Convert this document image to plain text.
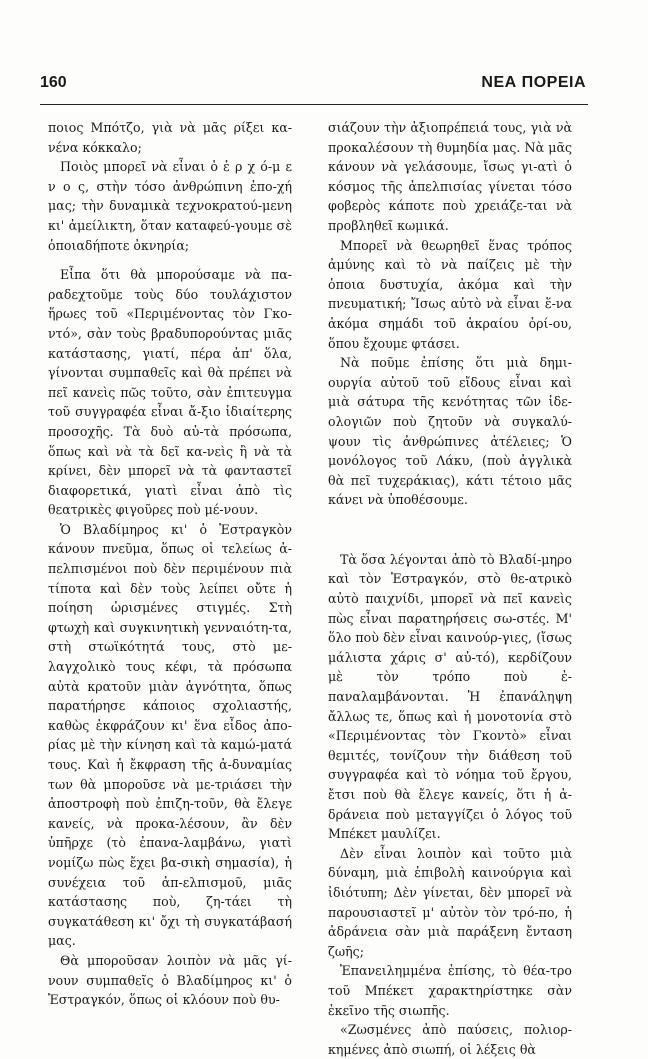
160	ΝΕΑ ΠΟΡΕΙΑ

ποιος Μπότζο, γιὰ νὰ μᾶς ρίξει κα-νένα κόκκαλο;

Ποιὸς μπορεῖ νὰ εἶναι ὁ ἐ ρ χ ό-μ ε ν ο ς, στὴν τόσο ἀνθρώπινη ἐπο-χή μας; τὴν δυναμικὰ τεχνοκρατού-μενη κι' ἀμείλικτη, ὅταν καταφεύ-γουμε σὲ ὁποιαδήποτε ὀκνηρία;

Εἶπα ὅτι θὰ μπορούσαμε νὰ πα-ραδεχτοῦμε τοὺς δύο τουλάχιστον ἥρωες τοῦ «Περιμένοντας τὸν Γκο-ντό», σὰν τοὺς βραδυπορούντας μιᾶς κατάστασης, γιατί, πέρα ἀπ' ὅλα, γίνονται συμπαθεῖς καὶ θὰ πρέπει νὰ πεῖ κανεὶς πῶς τοῦτο, σὰν ἐπιτευγμα τοῦ συγγραφέα εἶναι ἄ-ξιο ἰδιαίτερης προσοχῆς. Τὰ δυὸ αὐ-τὰ πρόσωπα, ὅπως καὶ νὰ τὰ δεῖ κα-νεὶς ἢ νὰ τὰ κρίνει, δὲν μπορεῖ νὰ τὰ φανταστεῖ διαφορετικά, γιατὶ εἶναι ἀπὸ τὶς θεατρικὲς φιγοῦρες ποὺ μέ-νουν.

Ὁ Βλαδίμηρος κι' ὁ Ἐστραγκὸν κάνουν πνεῦμα, ὅπως οἱ τελείως ἀ-πελπισμένοι ποὺ δὲν περιμένουν πιὰ τίποτα καὶ δὲν τοὺς λείπει οὔτε ἡ ποίηση ὡρισμένες στιγμές. Στὴ φτωχὴ καὶ συγκινητικὴ γενναιότη-τα, στὴ στωϊκότητά τους, στὸ με-λαγχολικὸ τους κέφι, τὰ πρόσωπα αὐτὰ κρατοῦν μιὰν ἁγνότητα, ὅπως παρατήρησε κάποιος σχολιαστής, καθὼς ἐκφράζουν κι' ἕνα εἶδος ἀπο-ρίας μὲ τὴν κίνηση καὶ τὰ καμώ-ματά τους. Καὶ ἡ ἔκφραση τῆς ἀ-δυναμίας των θὰ μποροῦσε νὰ με-τριάσει τὴν ἀποστροφὴ ποὺ ἐπιζη-τοῦν, θὰ ἔλεγε κανείς, νὰ προκα-λέσουν, ἂν δὲν ὑπῆρχε (τὸ ἐπανα-λαμβάνω, γιατὶ νομίζω πὼς ἔχει βα-σικὴ σημασία), ἡ συνέχεια τοῦ ἀπ-ελπισμοῦ, μιᾶς κατάστασης ποὺ, ζη-τάει τὴ συγκατάθεση κι' ὄχι τὴ συγκατάβασή μας.

Θὰ μποροῦσαν λοιπὸν νὰ μᾶς γί-νουν συμπαθεῖς ὁ Βλαδίμηρος κι' ὁ Ἐστραγκόν, ὅπως οἱ κλόουν ποὺ θυ-

σιάζουν τὴν ἀξιοπρέπειά τους, γιὰ νὰ προκαλέσουν τὴ θυμηδία μας. Νὰ μᾶς κάνουν νὰ γελάσουμε, ἴσως γι-ατὶ ὁ κόσμος τῆς ἀπελπισίας γίνεται τόσο φοβερὸς κάποτε ποὺ χρειάζε-ται νὰ προβληθεῖ κωμικά.

Μπορεῖ νὰ θεωρηθεῖ ἕνας τρόπος ἀμύνης καὶ τὸ νὰ παίζεις μὲ τὴν ὁποια δυστυχία, ἀκόμα καὶ τὴν πνευματική; Ἴσως αὐτὸ νὰ εἶναι ἕ-να ἀκόμα σημάδι τοῦ ἀκραίου ὁρί-ου, ὅπου ἔχουμε φτάσει.

Νὰ ποῦμε ἐπίσης ὅτι μιὰ δημι-ουργία αὐτοῦ τοῦ εἴδους εἶναι καὶ μιὰ σάτυρα τῆς κενότητας τῶν ἰδε-ολογιῶν ποὺ ζητοῦν νὰ συγκαλύ-ψουν τὶς ἀνθρώπινες ἀτέλειες; Ὁ μονόλογος τοῦ Λάκυ, (ποὺ ἀγγλικὰ θὰ πεῖ τυχεράκιας), κάτι τέτοιο μᾶς κάνει νὰ ὑποθέσουμε.

Τὰ ὅσα λέγονται ἀπὸ τὸ Βλαδί-μηρο καὶ τὸν Ἐστραγκόν, στὸ θε-ατρικὸ αὐτὸ παιχνίδι, μπορεῖ νὰ πεῖ κανεὶς πὼς εἶναι παρατηρήσεις σω-στές. Μ' ὅλο ποὺ δὲν εἶναι καινούρ-γιες, (ἴσως μάλιστα χάρις σ' αὐ-τό), κερδίζουν μὲ τὸν τρόπο ποὺ ἐ-παναλαμβάνονται. Ἡ ἐπανάληψη ἄλλως τε, ὅπως καὶ ἡ μονοτονία στὸ «Περιμένοντας τὸν Γκοντὸ» εἶναι θεμιτές, τονίζουν τὴν διάθεση τοῦ συγγραφέα καὶ τὸ νόημα τοῦ ἔργου, ἔτσι ποὺ θὰ ἔλεγε κανείς, ὅτι ἡ ἀ-δράνεια ποὺ μεταγγίζει ὁ λόγος τοῦ Μπέκετ μαυλίζει.

Δὲν εἶναι λοιπὸν καὶ τοῦτο μιὰ δύναμη, μιὰ ἐπιβολὴ καινούργια καὶ ἰδιότυπη; Δὲν γίνεται, δὲν μπορεῖ νὰ παρουσιαστεῖ μ' αὐτὸν τὸν τρό-πο, ἡ ἀδράνεια σὰν μιὰ παράξενη ἔνταση ζωῆς;

Ἐπανειλημμένα ἐπίσης, τὸ θέα-τρο τοῦ Μπέκετ χαρακτηρίστηκε σὰν ἐκεῖνο τῆς σιωπῆς.

«Ζωσμένες ἀπὸ παύσεις, πολιορ-κημένες ἀπὸ σιωπή, οἱ λέξεις θὰ
